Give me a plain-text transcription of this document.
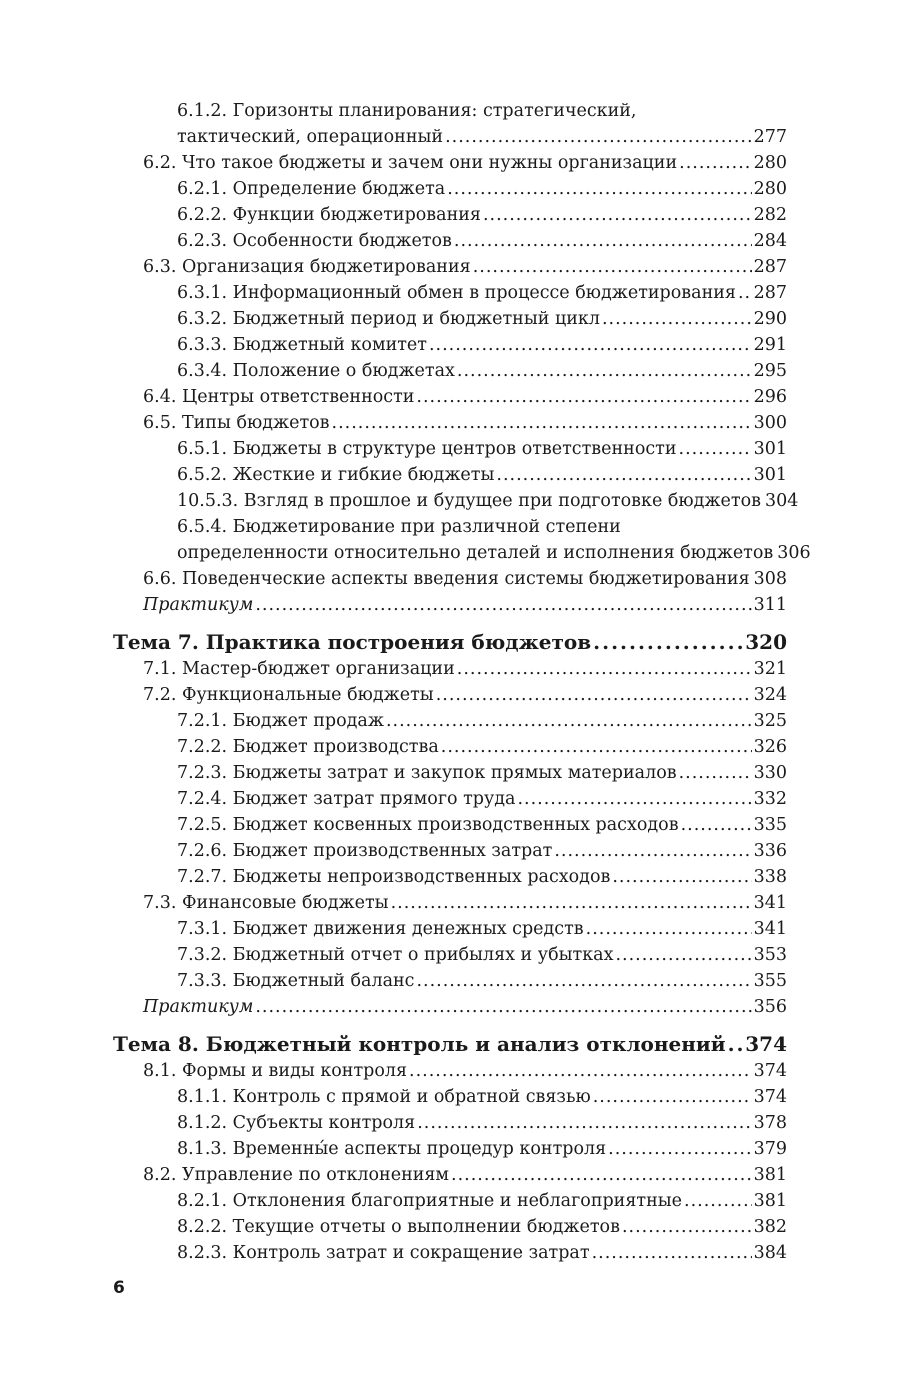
6.1.2. Горизонты планирования: стратегический,
тактический, операционный .....	277
6.2. Что такое бюджеты и зачем они нужны организации .....	280
6.2.1. Определение бюджета .....	280
6.2.2. Функции бюджетирования .....	282
6.2.3. Особенности бюджетов .....	284
6.3. Организация бюджетирования .....	287
6.3.1. Информационный обмен в процессе бюджетирования ..... 287
6.3.2. Бюджетный период и бюджетный цикл .....	290
6.3.3. Бюджетный комитет .....	291
6.3.4. Положение о бюджетах .....	295
6.4. Центры ответственности .....	296
6.5. Типы бюджетов .....	300
6.5.1. Бюджеты в структуре центров ответственности .....	301
6.5.2. Жесткие и гибкие бюджеты .....	301
10.5.3. Взгляд в прошлое и будущее при подготовке бюджетов 304
6.5.4. Бюджетирование при различной степени
определенности относительно деталей и исполнения бюджетов 306
6.6. Поведенческие аспекты введения системы бюджетирования 308
Практикум .....	311
Тема 7. Практика построения бюджетов .....	320
7.1. Мастер-бюджет организации .....	321
7.2. Функциональные бюджеты .....	324
7.2.1. Бюджет продаж .....	325
7.2.2. Бюджет производства .....	326
7.2.3. Бюджеты затрат и закупок прямых материалов .....	330
7.2.4. Бюджет затрат прямого труда .....	332
7.2.5. Бюджет косвенных производственных расходов .....	335
7.2.6. Бюджет производственных затрат .....	336
7.2.7. Бюджеты непроизводственных расходов .....	338
7.3. Финансовые бюджеты .....	341
7.3.1. Бюджет движения денежных средств .....	341
7.3.2. Бюджетный отчет о прибылях и убытках .....	353
7.3.3. Бюджетный баланс .....	355
Практикум .....	356
Тема 8. Бюджетный контроль и анализ отклонений ..... 374
8.1. Формы и виды контроля .....	374
8.1.1. Контроль с прямой и обратной связью .....	374
8.1.2. Субъекты контроля .....	378
8.1.3. Временны́е аспекты процедур контроля .....	379
8.2. Управление по отклонениям .....	381
8.2.1. Отклонения благоприятные и неблагоприятные .....	381
8.2.2. Текущие отчеты о выполнении бюджетов .....	382
8.2.3. Контроль затрат и сокращение затрат .....	384
6
